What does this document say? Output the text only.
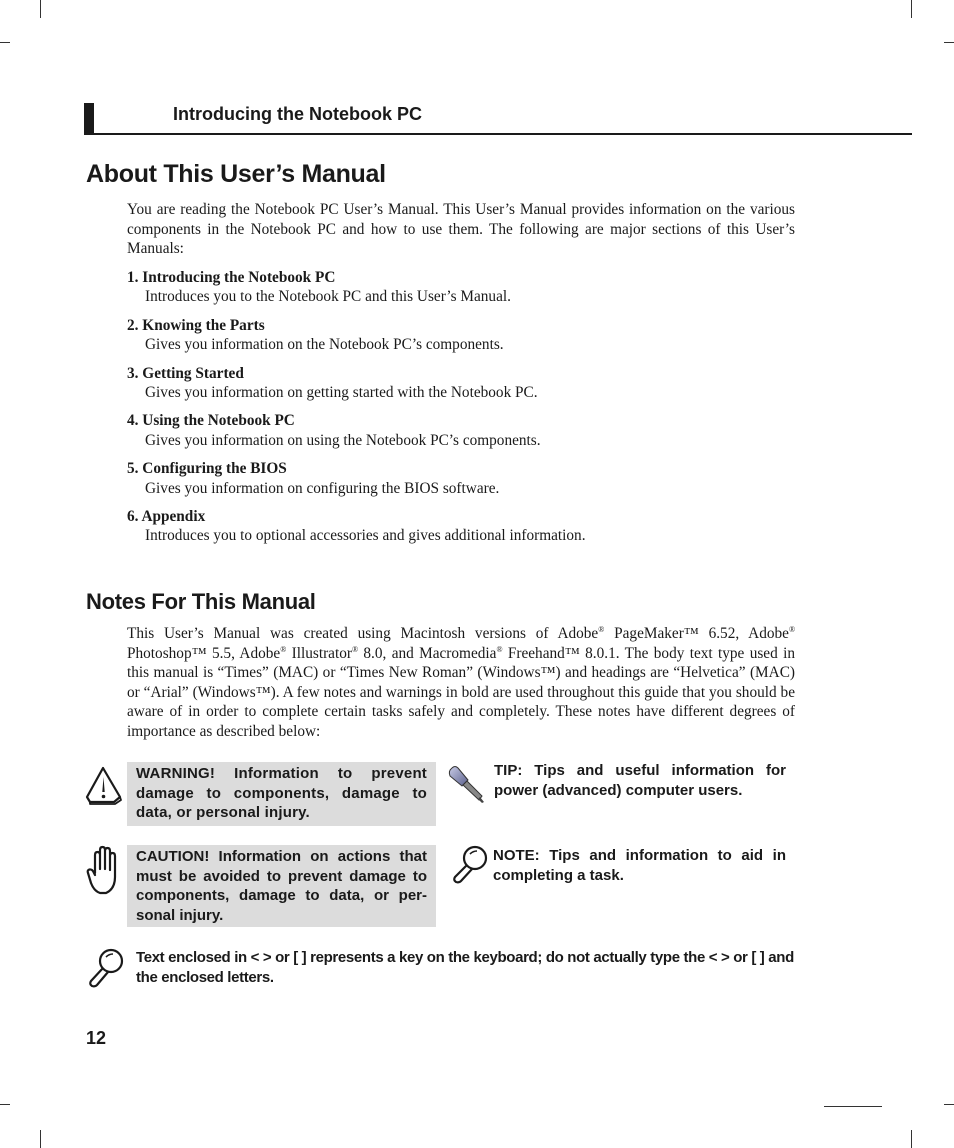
Introducing the Notebook PC
About This User’s Manual

You are reading the Notebook PC User’s Manual. This User’s Manual provides information on the various components in the Notebook PC and how to use them. The following are major sections of this User’s Manuals:

1. Introducing the Notebook PC
Introduces you to the Notebook PC and this User’s Manual.
2. Knowing the Parts
Gives you information on the Notebook PC’s components.
3. Getting Started
Gives you information on getting started with the Notebook PC.
4. Using the Notebook PC
Gives you information on using the Notebook PC’s components.
5. Configuring the BIOS
Gives you information on configuring the BIOS software.
6. Appendix
Introduces you to optional accessories and gives additional information.
Notes For This Manual

This User’s Manual was created using Macintosh versions of Adobe® PageMaker™ 6.52, Adobe® Photoshop™ 5.5, Adobe® Illustrator® 8.0, and Macromedia® Freehand™ 8.0.1. The body text type used in this manual is “Times” (MAC) or “Times New Roman” (Windows™) and headings are “Helvetica” (MAC) or “Arial” (Windows™). A few notes and warnings in bold are used throughout this guide that you should be aware of in order to complete certain tasks safely and completely. These notes have different degrees of importance as described below:

WARNING! Information to prevent damage to components, damage to data, or personal injury.
CAUTION! Information on actions that must be avoided to prevent damage to components, damage to data, or per-sonal injury.
TIP: Tips and useful information for power (advanced) computer users.
NOTE: Tips and information to aid in completing a task.
Text enclosed in < > or [ ] represents a key on the keyboard; do not actually type the < > or [ ] and the enclosed letters.
12
